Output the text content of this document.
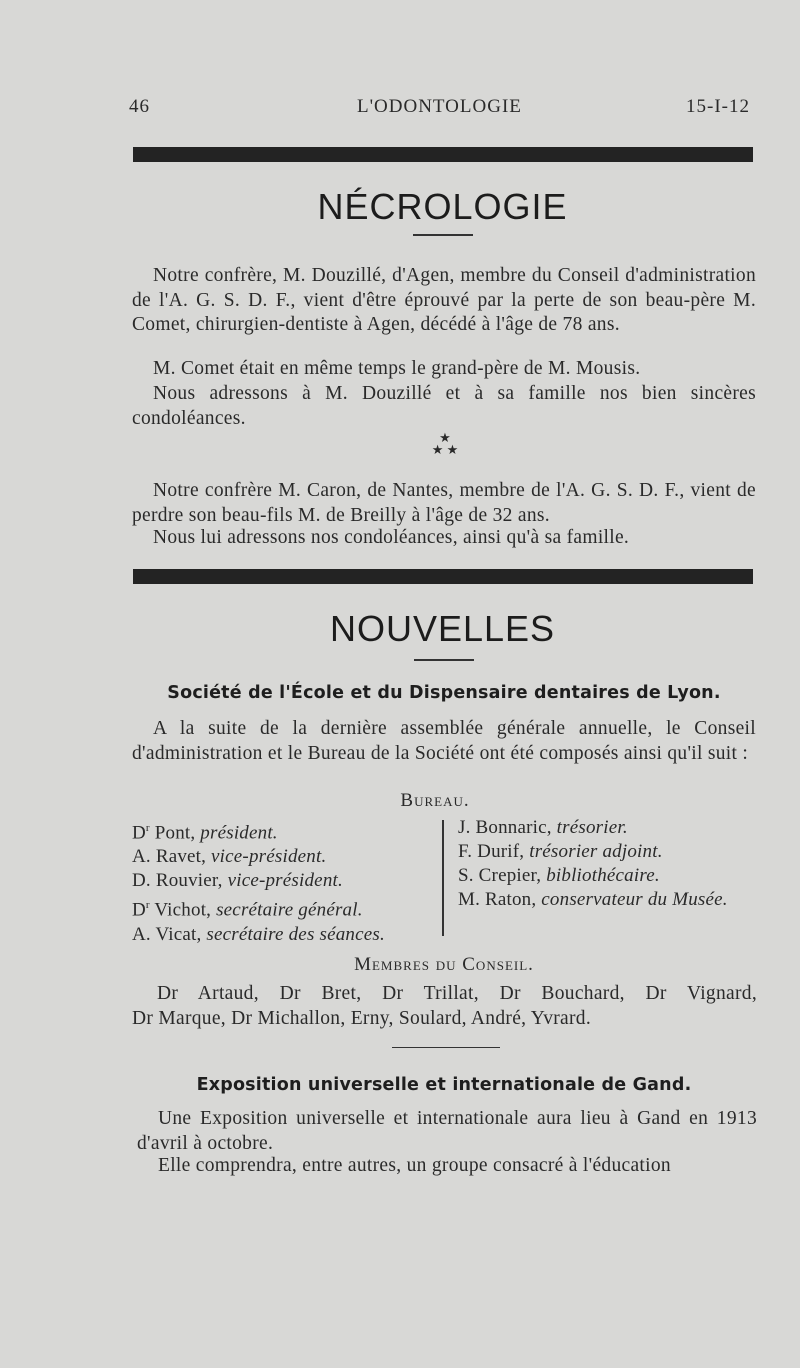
46	L'ODONTOLOGIE	15-I-12
NÉCROLOGIE

Notre confrère, M. Douzillé, d'Agen, membre du Conseil d'administration de l'A. G. S. D. F., vient d'être éprouvé par la perte de son beau-père M. Comet, chirurgien-dentiste à Agen, décédé à l'âge de 78 ans.

M. Comet était en même temps le grand-père de M. Mousis.

Nous adressons à M. Douzillé et à sa famille nos bien sincères condoléances.

★
★ ★

Notre confrère M. Caron, de Nantes, membre de l'A. G. S. D. F., vient de perdre son beau-fils M. de Breilly à l'âge de 32 ans.

Nous lui adressons nos condoléances, ainsi qu'à sa famille.

NOUVELLES
Société de l'École et du Dispensaire dentaires de Lyon.

A la suite de la dernière assemblée générale annuelle, le Conseil d'administration et le Bureau de la Société ont été composés ainsi qu'il suit :

Bureau.
$D^r$ Pont, président.
A. Ravet, vice-président.
D. Rouvier, vice-président.
$D^r$ Vichot, secrétaire général.
A. Vicat, secrétaire des séances.
J. Bonnaric, trésorier.
F. Durif, trésorier adjoint.
S. Crepier, bibliothécaire.
M. Raton, conservateur du Musée.
Membres du Conseil.
Dr Artaud, Dr Bret, Dr Trillat, Dr Bouchard, Dr Vignard,
Dr Marque, Dr Michallon, Erny, Soulard, André, Yvrard.
Exposition universelle et internationale de Gand.

Une Exposition universelle et internationale aura lieu à Gand en 1913 d'avril à octobre.

Elle comprendra, entre autres, un groupe consacré à l'éducation
